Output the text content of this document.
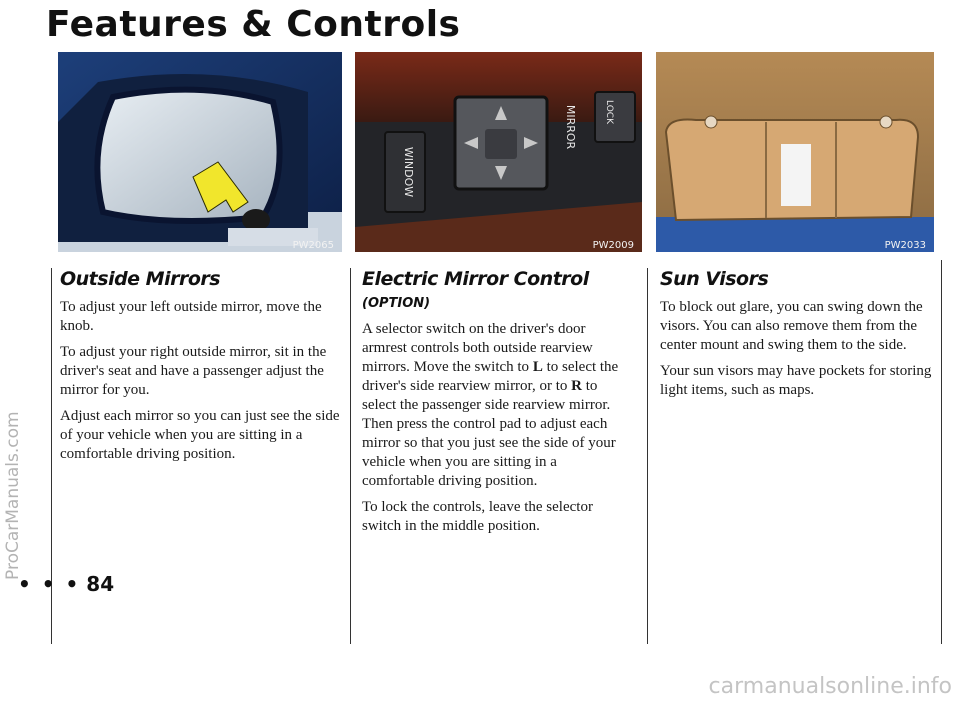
Features & Controls
PW2065
WINDOW
MIRROR	LOCK
PW2009	PW2033
Outside Mirrors

To adjust your left outside mirror, move the knob.

To adjust your right outside mirror, sit in the driver's seat and have a passenger adjust the mirror for you.

Adjust each mirror so you can just see the side of your vehicle when you are sitting in a comfortable driving position.

Electric Mirror Control (OPTION)

A selector switch on the driver's door armrest controls both outside rearview mirrors. Move the switch to L to select the driver's side rearview mirror, or to R to select the passenger side rearview mirror. Then press the control pad to adjust each mirror so that you just see the side of your vehicle when you are sitting in a comfortable driving position.

To lock the controls, leave the selector switch in the middle position.

Sun Visors

To block out glare, you can swing down the visors. You can also remove them from the center mount and swing them to the side.

Your sun visors may have pockets for storing light items, such as maps.

• • • 84
ProCarManuals.com
carmanualsonline.info
